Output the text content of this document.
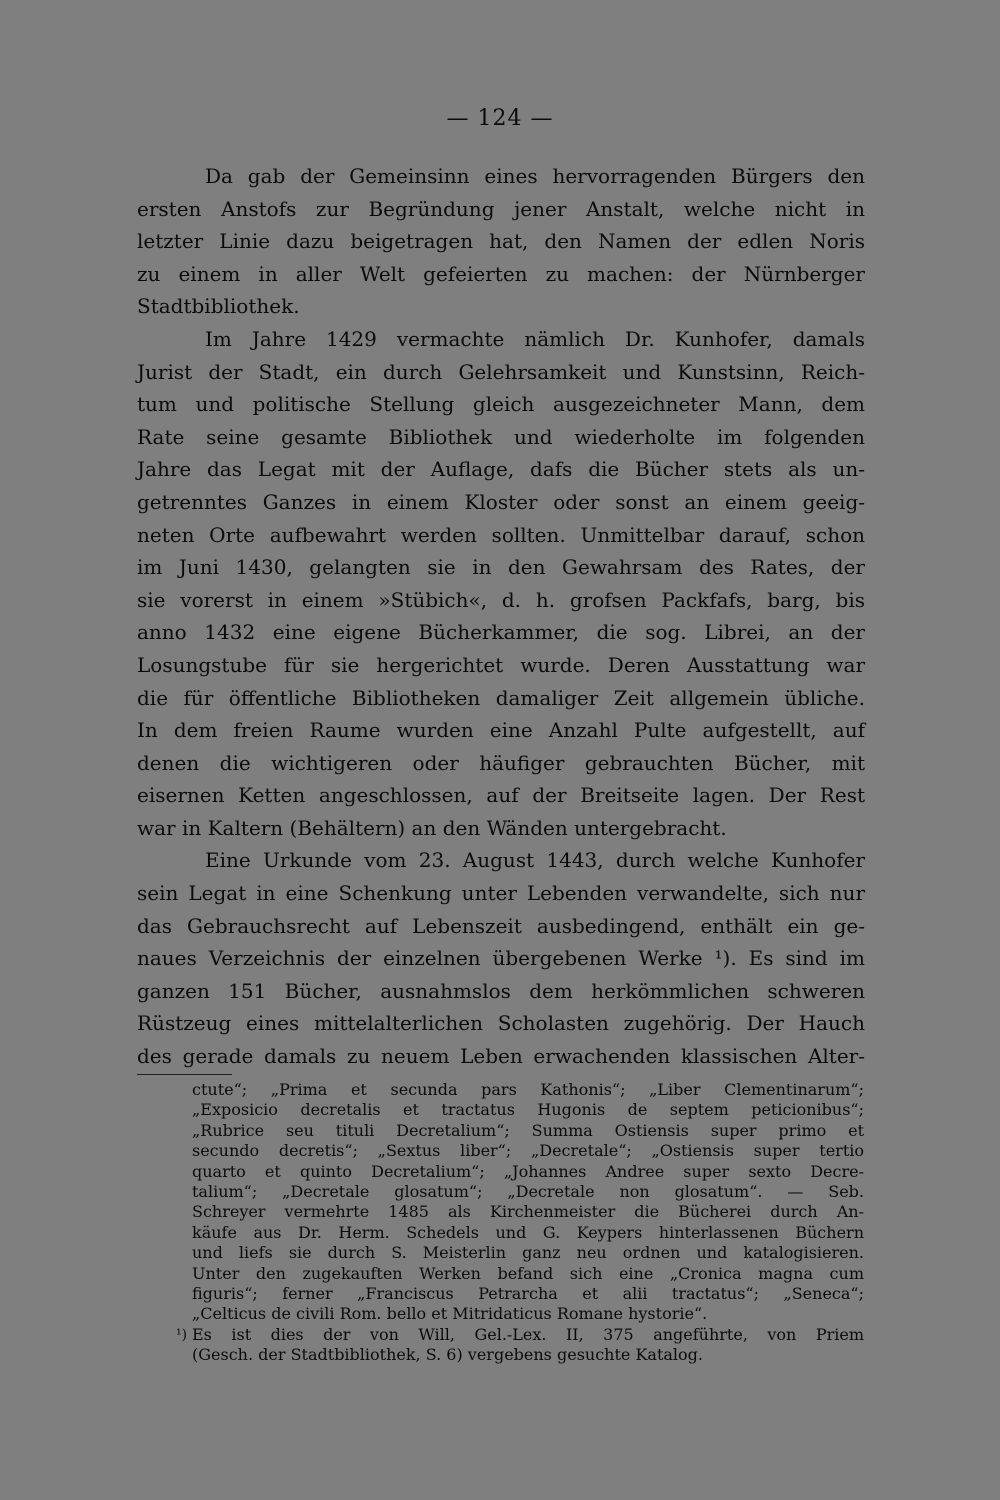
— 124 —
Da gab der Gemeinsinn eines hervorragenden Bürgers den
ersten Anstofs zur Begründung jener Anstalt, welche nicht in
letzter Linie dazu beigetragen hat, den Namen der edlen Noris
zu einem in aller Welt gefeierten zu machen: der Nürnberger
Stadtbibliothek.
Im Jahre 1429 vermachte nämlich Dr. Kunhofer, damals
Jurist der Stadt, ein durch Gelehrsamkeit und Kunstsinn, Reich-
tum und politische Stellung gleich ausgezeichneter Mann, dem
Rate seine gesamte Bibliothek und wiederholte im folgenden
Jahre das Legat mit der Auflage, dafs die Bücher stets als un-
getrenntes Ganzes in einem Kloster oder sonst an einem geeig-
neten Orte aufbewahrt werden sollten. Unmittelbar darauf, schon
im Juni 1430, gelangten sie in den Gewahrsam des Rates, der
sie vorerst in einem »Stübich«, d. h. grofsen Packfafs, barg, bis
anno 1432 eine eigene Bücherkammer, die sog. Librei, an der
Losungstube für sie hergerichtet wurde. Deren Ausstattung war
die für öffentliche Bibliotheken damaliger Zeit allgemein übliche.
In dem freien Raume wurden eine Anzahl Pulte aufgestellt, auf
denen die wichtigeren oder häufiger gebrauchten Bücher, mit
eisernen Ketten angeschlossen, auf der Breitseite lagen. Der Rest
war in Kaltern (Behältern) an den Wänden untergebracht.
Eine Urkunde vom 23. August 1443, durch welche Kunhofer
sein Legat in eine Schenkung unter Lebenden verwandelte, sich nur
das Gebrauchsrecht auf Lebenszeit ausbedingend, enthält ein ge-
naues Verzeichnis der einzelnen übergebenen Werke ¹). Es sind im
ganzen 151 Bücher, ausnahmslos dem herkömmlichen schweren
Rüstzeug eines mittelalterlichen Scholasten zugehörig. Der Hauch
des gerade damals zu neuem Leben erwachenden klassischen Alter-
ctute“; „Prima et secunda pars Kathonis“; „Liber Clementinarum“;
„Exposicio decretalis et tractatus Hugonis de septem peticionibus“;
„Rubrice seu tituli Decretalium“; Summa Ostiensis super primo et
secundo decretis“; „Sextus liber“; „Decretale“; „Ostiensis super tertio
quarto et quinto Decretalium“; „Johannes Andree super sexto Decre-
talium“; „Decretale glosatum“; „Decretale non glosatum“. — Seb.
Schreyer vermehrte 1485 als Kirchenmeister die Bücherei durch An-
käufe aus Dr. Herm. Schedels und G. Keypers hinterlassenen Büchern
und liefs sie durch S. Meisterlin ganz neu ordnen und katalogisieren.
Unter den zugekauften Werken befand sich eine „Cronica magna cum
figuris“; ferner „Franciscus Petrarcha et alii tractatus“; „Seneca“;
„Celticus de civili Rom. bello et Mitridaticus Romane hystorie“.
¹) Es ist dies der von Will, Gel.-Lex. II, 375 angeführte, von Priem
(Gesch. der Stadtbibliothek, S. 6) vergebens gesuchte Katalog.
